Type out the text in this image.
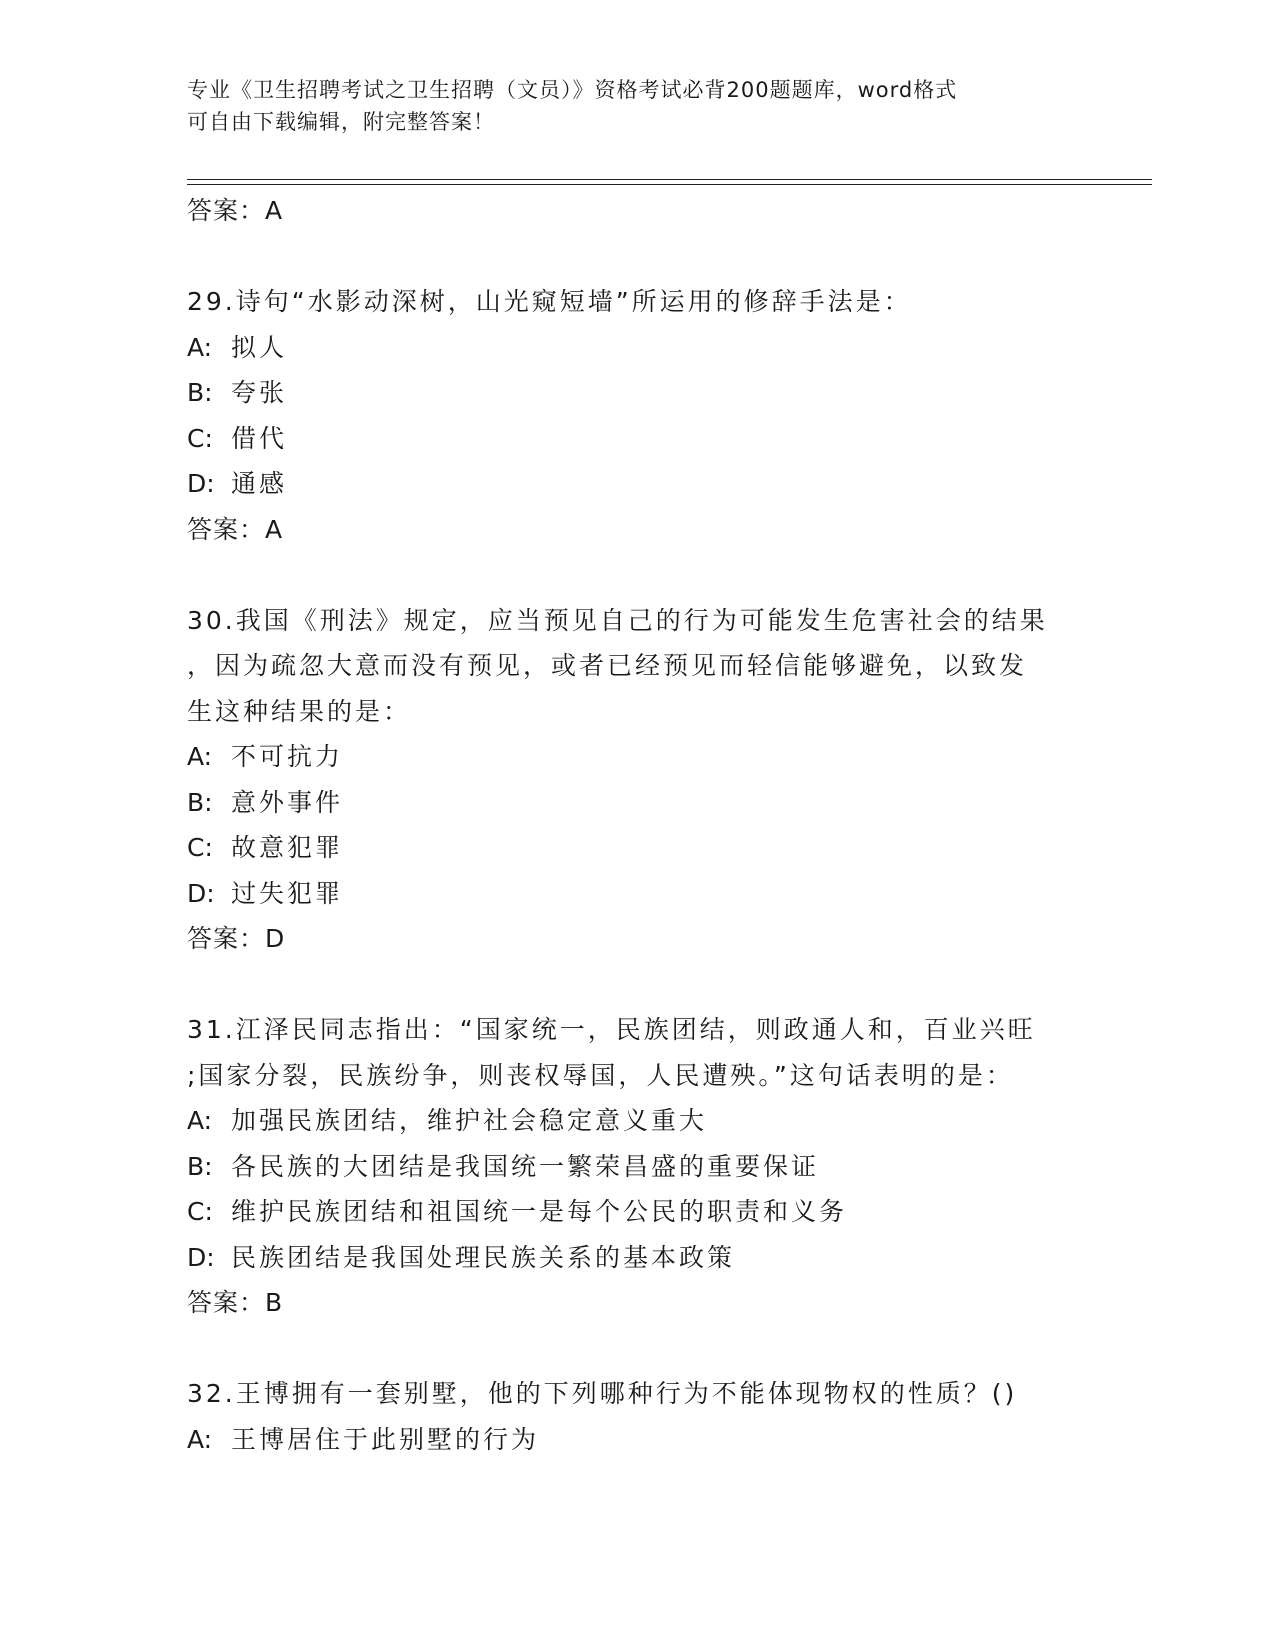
专业《卫生招聘考试之卫生招聘（文员）》资格考试必背200题题库，word格式
可自由下载编辑，附完整答案！
答案：A
29.诗句“水影动深树，山光窥短墙”所运用的修辞手法是：
A: 拟人
B: 夸张
C: 借代
D: 通感
答案：A
30.我国《刑法》规定，应当预见自己的行为可能发生危害社会的结果
，因为疏忽大意而没有预见，或者已经预见而轻信能够避免，以致发
生这种结果的是：
A: 不可抗力
B: 意外事件
C: 故意犯罪
D: 过失犯罪
答案：D
31.江泽民同志指出：“国家统一，民族团结，则政通人和，百业兴旺
;国家分裂，民族纷争，则丧权辱国，人民遭殃。”这句话表明的是：
A: 加强民族团结，维护社会稳定意义重大
B: 各民族的大团结是我国统一繁荣昌盛的重要保证
C: 维护民族团结和祖国统一是每个公民的职责和义务
D: 民族团结是我国处理民族关系的基本政策
答案：B
32.王博拥有一套别墅，他的下列哪种行为不能体现物权的性质？()
A: 王博居住于此别墅的行为
